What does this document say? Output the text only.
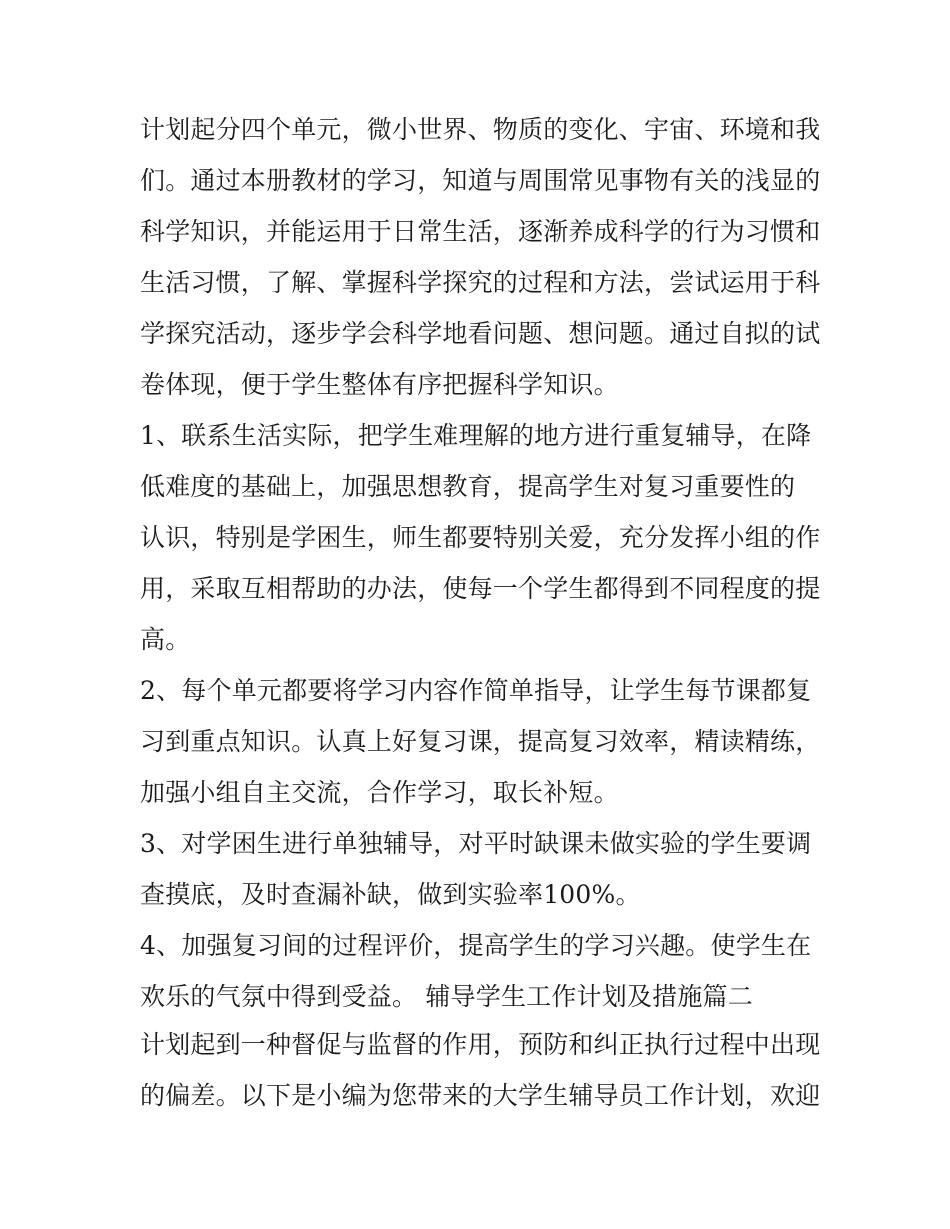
计划起分四个单元，微小世界、物质的变化、宇宙、环境和我
们。通过本册教材的学习，知道与周围常见事物有关的浅显的
科学知识，并能运用于日常生活，逐渐养成科学的行为习惯和
生活习惯，了解、掌握科学探究的过程和方法，尝试运用于科
学探究活动，逐步学会科学地看问题、想问题。通过自拟的试
卷体现，便于学生整体有序把握科学知识。
1、联系生活实际，把学生难理解的地方进行重复辅导，在降
低难度的基础上，加强思想教育，提高学生对复习重要性的
认识，特别是学困生，师生都要特别关爱，充分发挥小组的作
用，采取互相帮助的办法，使每一个学生都得到不同程度的提
高。
2、每个单元都要将学习内容作简单指导，让学生每节课都复
习到重点知识。认真上好复习课，提高复习效率，精读精练，
加强小组自主交流，合作学习，取长补短。
3、对学困生进行单独辅导，对平时缺课未做实验的学生要调
查摸底，及时查漏补缺，做到实验率100%。
4、加强复习间的过程评价，提高学生的学习兴趣。使学生在
欢乐的气氛中得到受益。 辅导学生工作计划及措施篇二
计划起到一种督促与监督的作用，预防和纠正执行过程中出现
的偏差。以下是小编为您带来的大学生辅导员工作计划，欢迎
